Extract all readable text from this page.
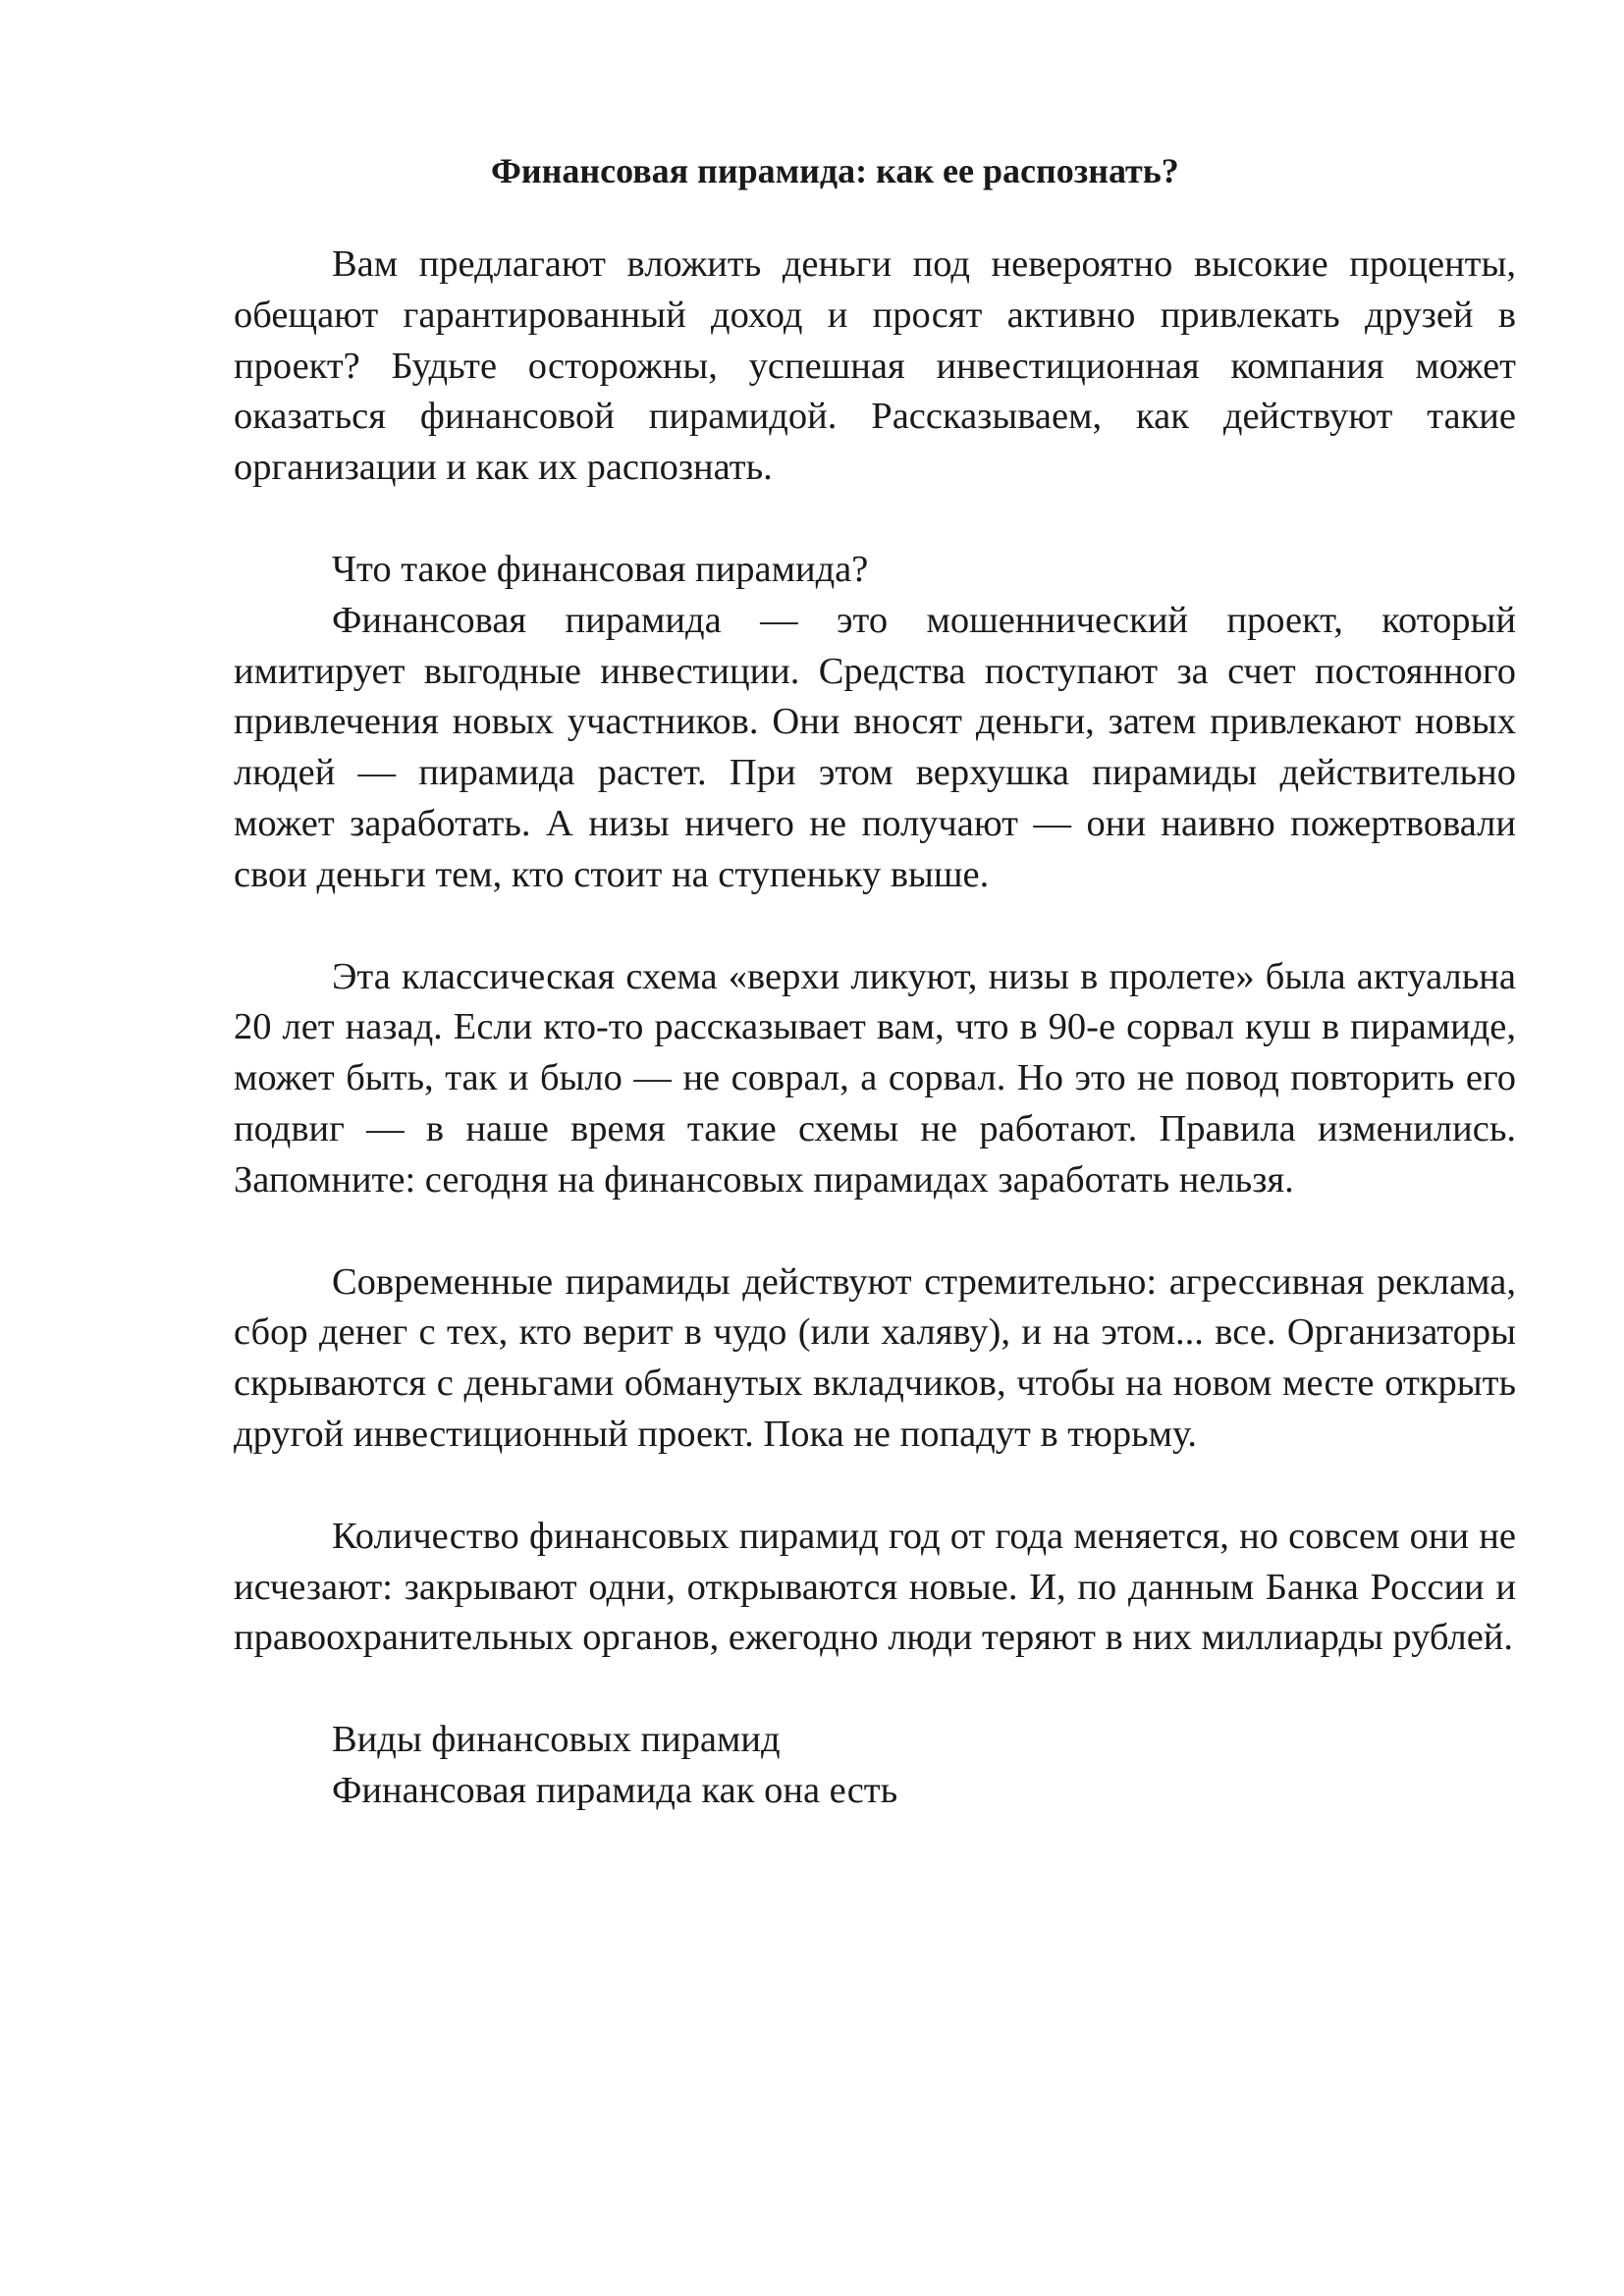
Финансовая пирамида: как ее распознать?

Вам предлагают вложить деньги под невероятно высокие проценты, обещают гарантированный доход и просят активно привлекать друзей в проект? Будьте осторожны, успешная инвестиционная компания может оказаться финансовой пирамидой. Рассказываем, как действуют такие организации и как их распознать.

Что такое финансовая пирамида?

Финансовая пирамида — это мошеннический проект, который имитирует выгодные инвестиции. Средства поступают за счет постоянного привлечения новых участников. Они вносят деньги, затем привлекают новых людей — пирамида растет. При этом верхушка пирамиды действительно может заработать. А низы ничего не получают — они наивно пожертвовали свои деньги тем, кто стоит на ступеньку выше.

Эта классическая схема «верхи ликуют, низы в пролете» была актуальна 20 лет назад. Если кто-то рассказывает вам, что в 90-е сорвал куш в пирамиде, может быть, так и было — не соврал, а сорвал. Но это не повод повторить его подвиг — в наше время такие схемы не работают. Правила изменились. Запомните: сегодня на финансовых пирамидах заработать нельзя.

Современные пирамиды действуют стремительно: агрессивная реклама, сбор денег с тех, кто верит в чудо (или халяву), и на этом... все. Организаторы скрываются с деньгами обманутых вкладчиков, чтобы на новом месте открыть другой инвестиционный проект. Пока не попадут в тюрьму.

Количество финансовых пирамид год от года меняется, но совсем они не исчезают: закрывают одни, открываются новые. И, по данным Банка России и правоохранительных органов, ежегодно люди теряют в них миллиарды рублей.

Виды финансовых пирамид

Финансовая пирамида как она есть
